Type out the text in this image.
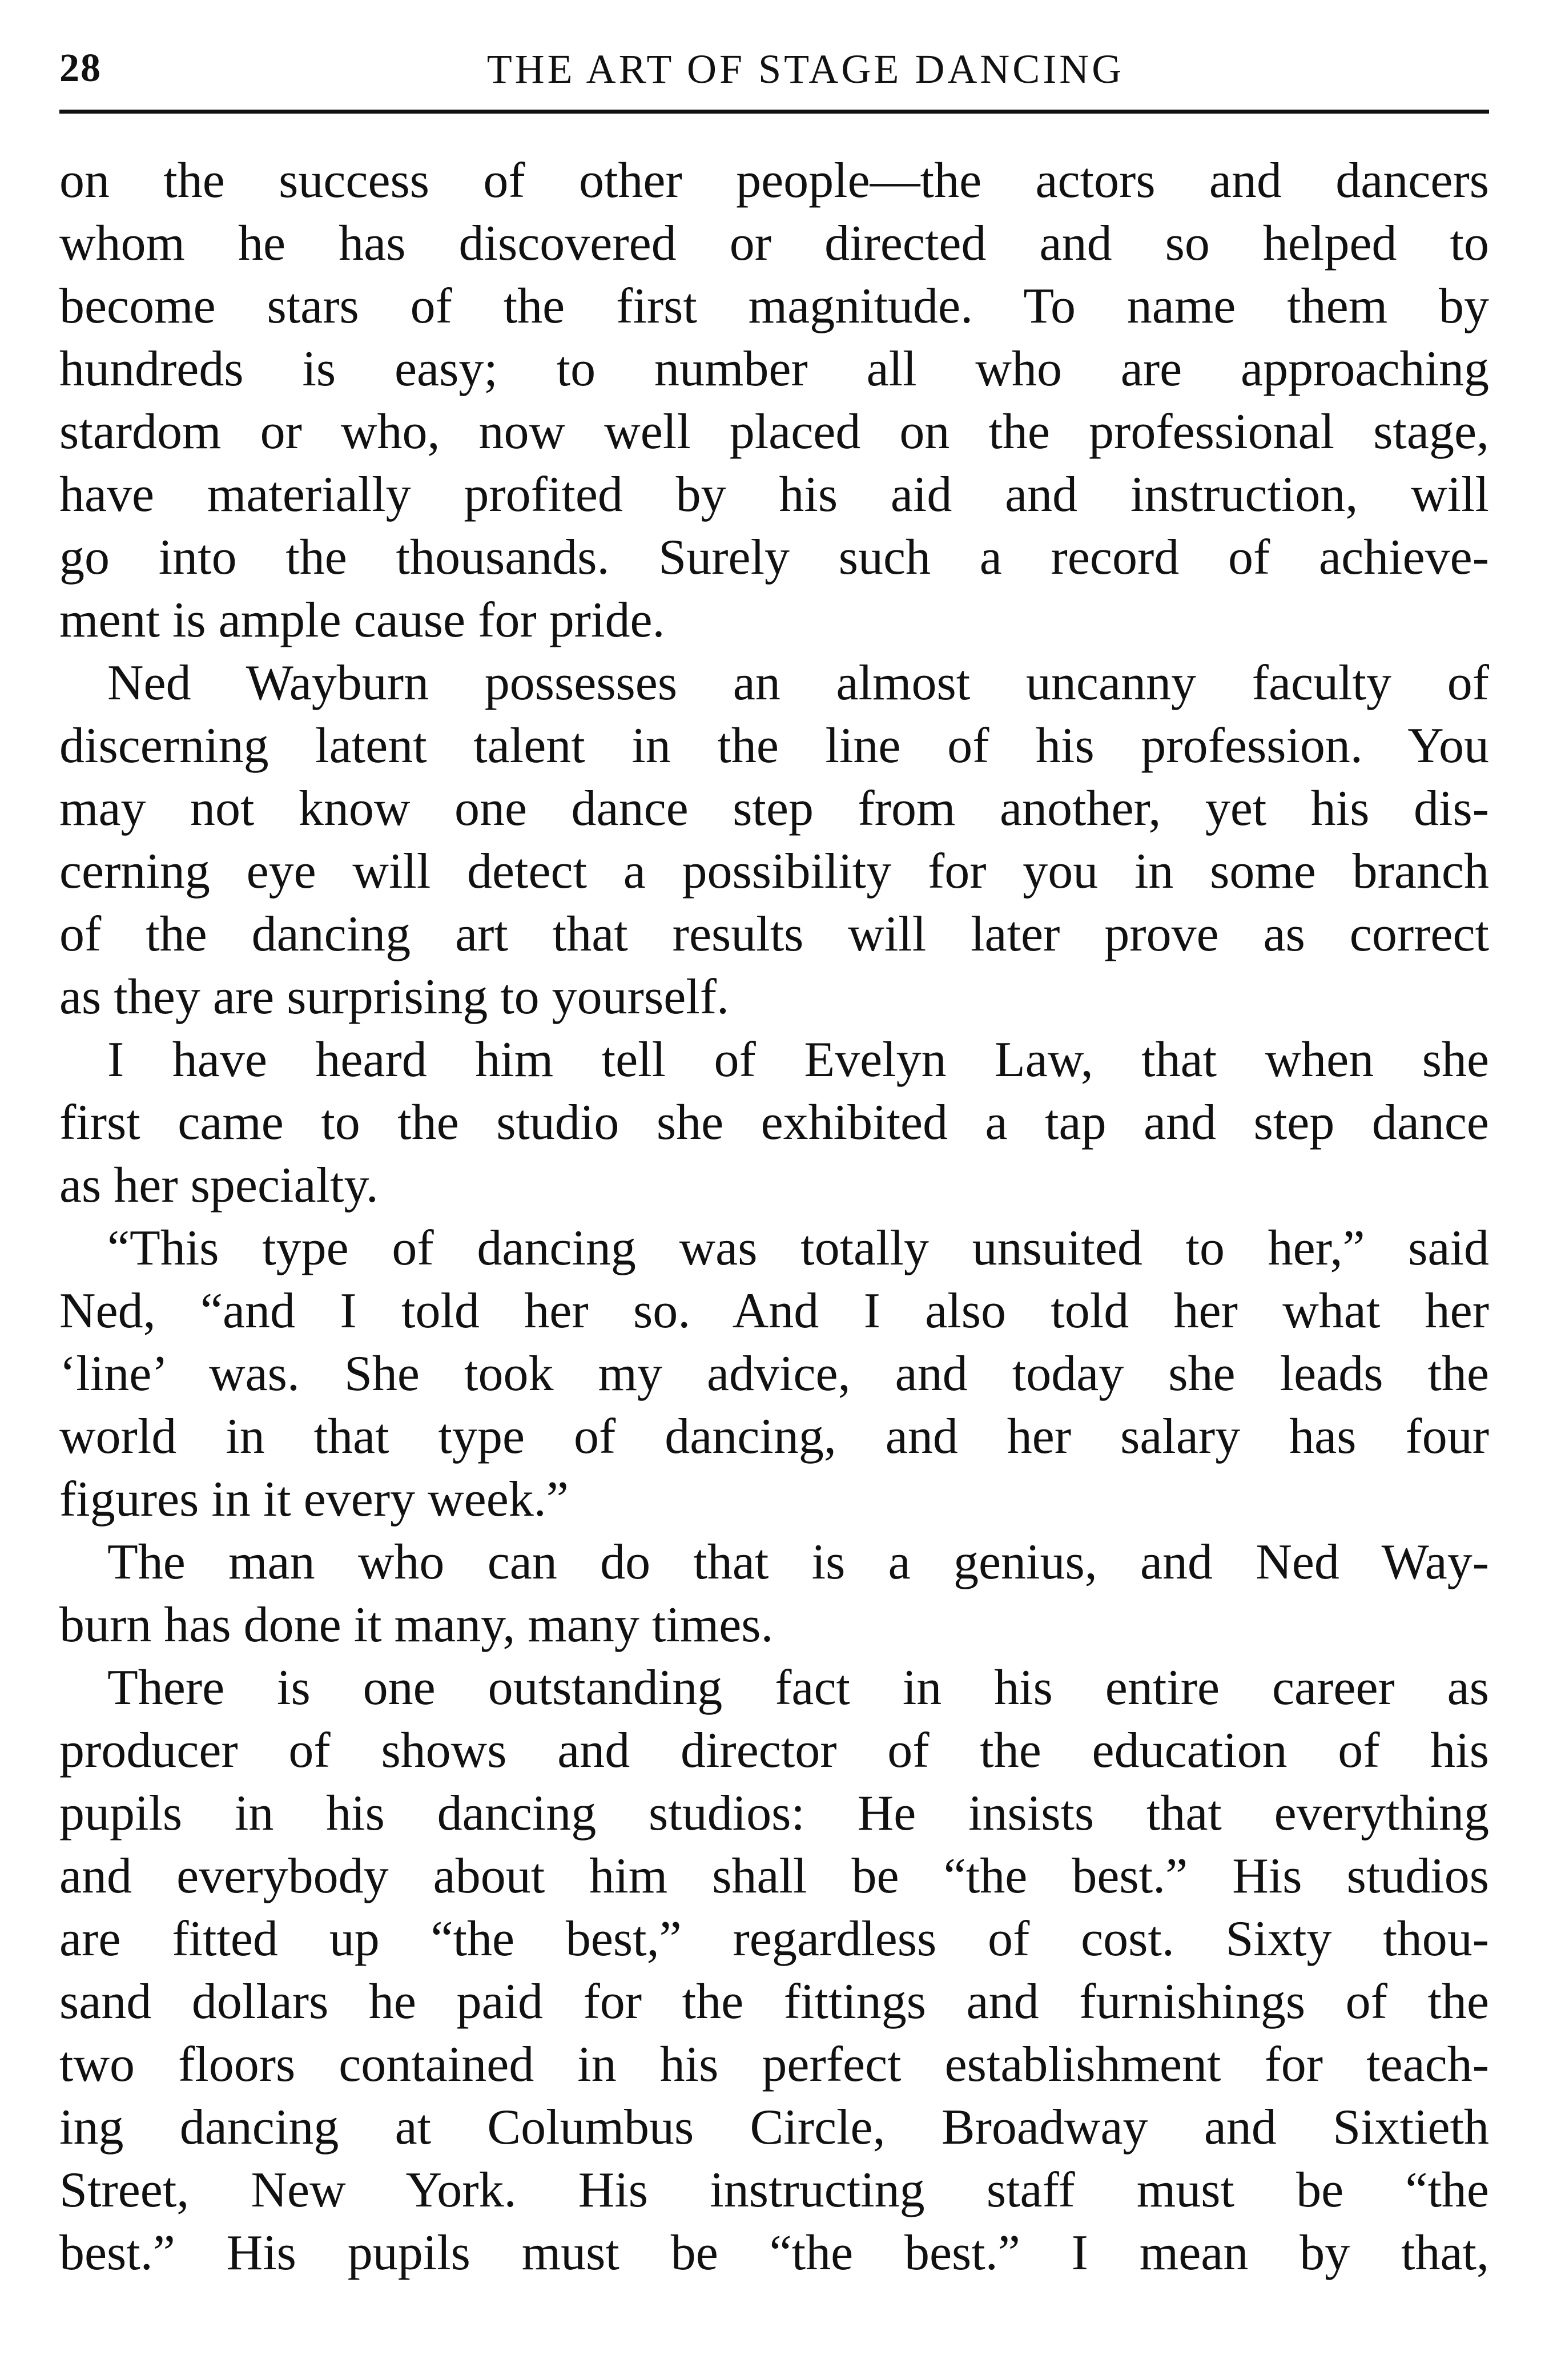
28	THE ART OF STAGE DANCING
on the success of other people—the actors and dancers
whom he has discovered or directed and so helped to
become stars of the first magnitude. To name them by
hundreds is easy; to number all who are approaching
stardom or who, now well placed on the professional stage,
have materially profited by his aid and instruction, will
go into the thousands. Surely such a record of achieve-
ment is ample cause for pride.
Ned Wayburn possesses an almost uncanny faculty of
discerning latent talent in the line of his profession. You
may not know one dance step from another, yet his dis-
cerning eye will detect a possibility for you in some branch
of the dancing art that results will later prove as correct
as they are surprising to yourself.
I have heard him tell of Evelyn Law, that when she
first came to the studio she exhibited a tap and step dance
as her specialty.
“This type of dancing was totally unsuited to her,” said
Ned, “and I told her so. And I also told her what her
‘line’ was. She took my advice, and today she leads the
world in that type of dancing, and her salary has four
figures in it every week.”
The man who can do that is a genius, and Ned Way-
burn has done it many, many times.
There is one outstanding fact in his entire career as
producer of shows and director of the education of his
pupils in his dancing studios: He insists that everything
and everybody about him shall be “the best.” His studios
are fitted up “the best,” regardless of cost. Sixty thou-
sand dollars he paid for the fittings and furnishings of the
two floors contained in his perfect establishment for teach-
ing dancing at Columbus Circle, Broadway and Sixtieth
Street, New York. His instructing staff must be “the
best.” His pupils must be “the best.” I mean by that,
